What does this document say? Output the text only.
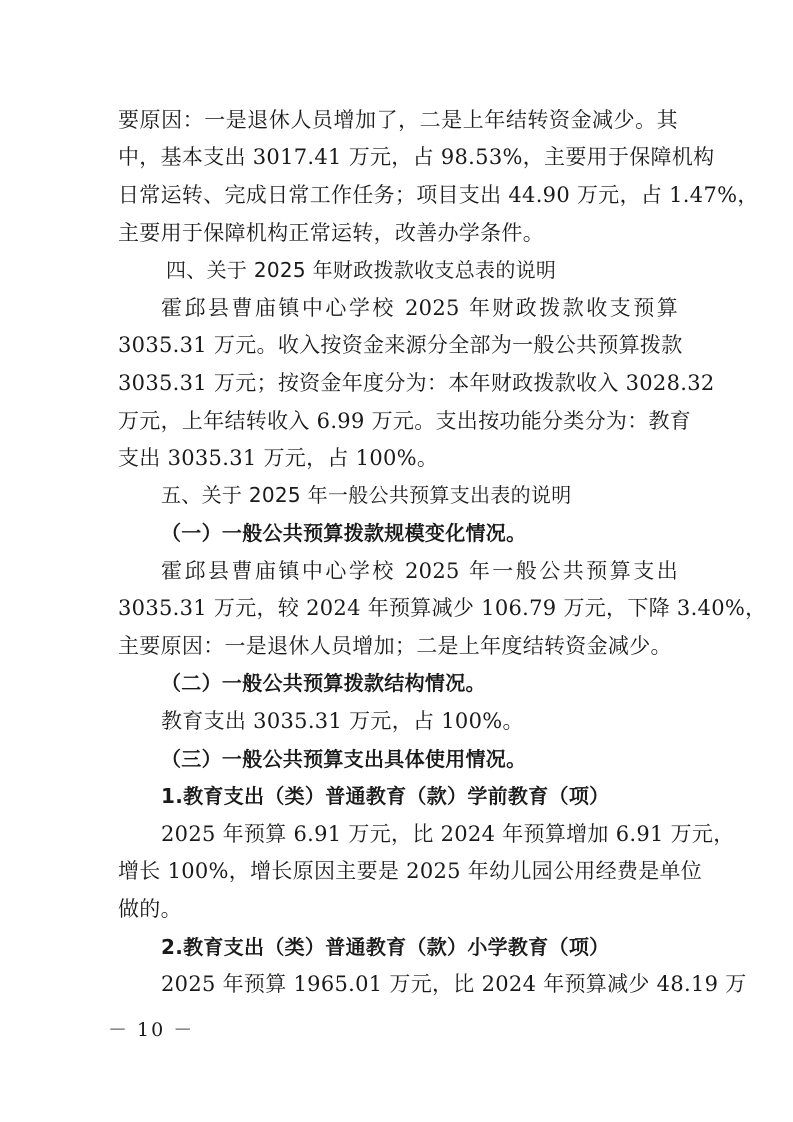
要原因：一是退休人员增加了，二是上年结转资金减少。其
中，基本支出 3017.41 万元，占 98.53%，主要用于保障机构
日常运转、完成日常工作任务；项目支出 44.90 万元，占 1.47%，
主要用于保障机构正常运转，改善办学条件。
四、关于 2025 年财政拨款收支总表的说明
霍邱县曹庙镇中心学校 2025 年财政拨款收支预算
3035.31 万元。收入按资金来源分全部为一般公共预算拨款
3035.31 万元；按资金年度分为：本年财政拨款收入 3028.32
万元，上年结转收入 6.99 万元。支出按功能分类分为：教育
支出 3035.31 万元，占 100%。
五、关于 2025 年一般公共预算支出表的说明
（一）一般公共预算拨款规模变化情况。
霍邱县曹庙镇中心学校 2025 年一般公共预算支出
3035.31 万元，较 2024 年预算减少 106.79 万元，下降 3.40%，
主要原因：一是退休人员增加；二是上年度结转资金减少。
（二）一般公共预算拨款结构情况。
教育支出 3035.31 万元，占 100%。
（三）一般公共预算支出具体使用情况。
1.教育支出（类）普通教育（款）学前教育（项）
2025 年预算 6.91 万元，比 2024 年预算增加 6.91 万元，
增长 100%，增长原因主要是 2025 年幼儿园公用经费是单位
做的。
2.教育支出（类）普通教育（款）小学教育（项）
2025 年预算 1965.01 万元，比 2024 年预算减少 48.19 万
－ 10 －
